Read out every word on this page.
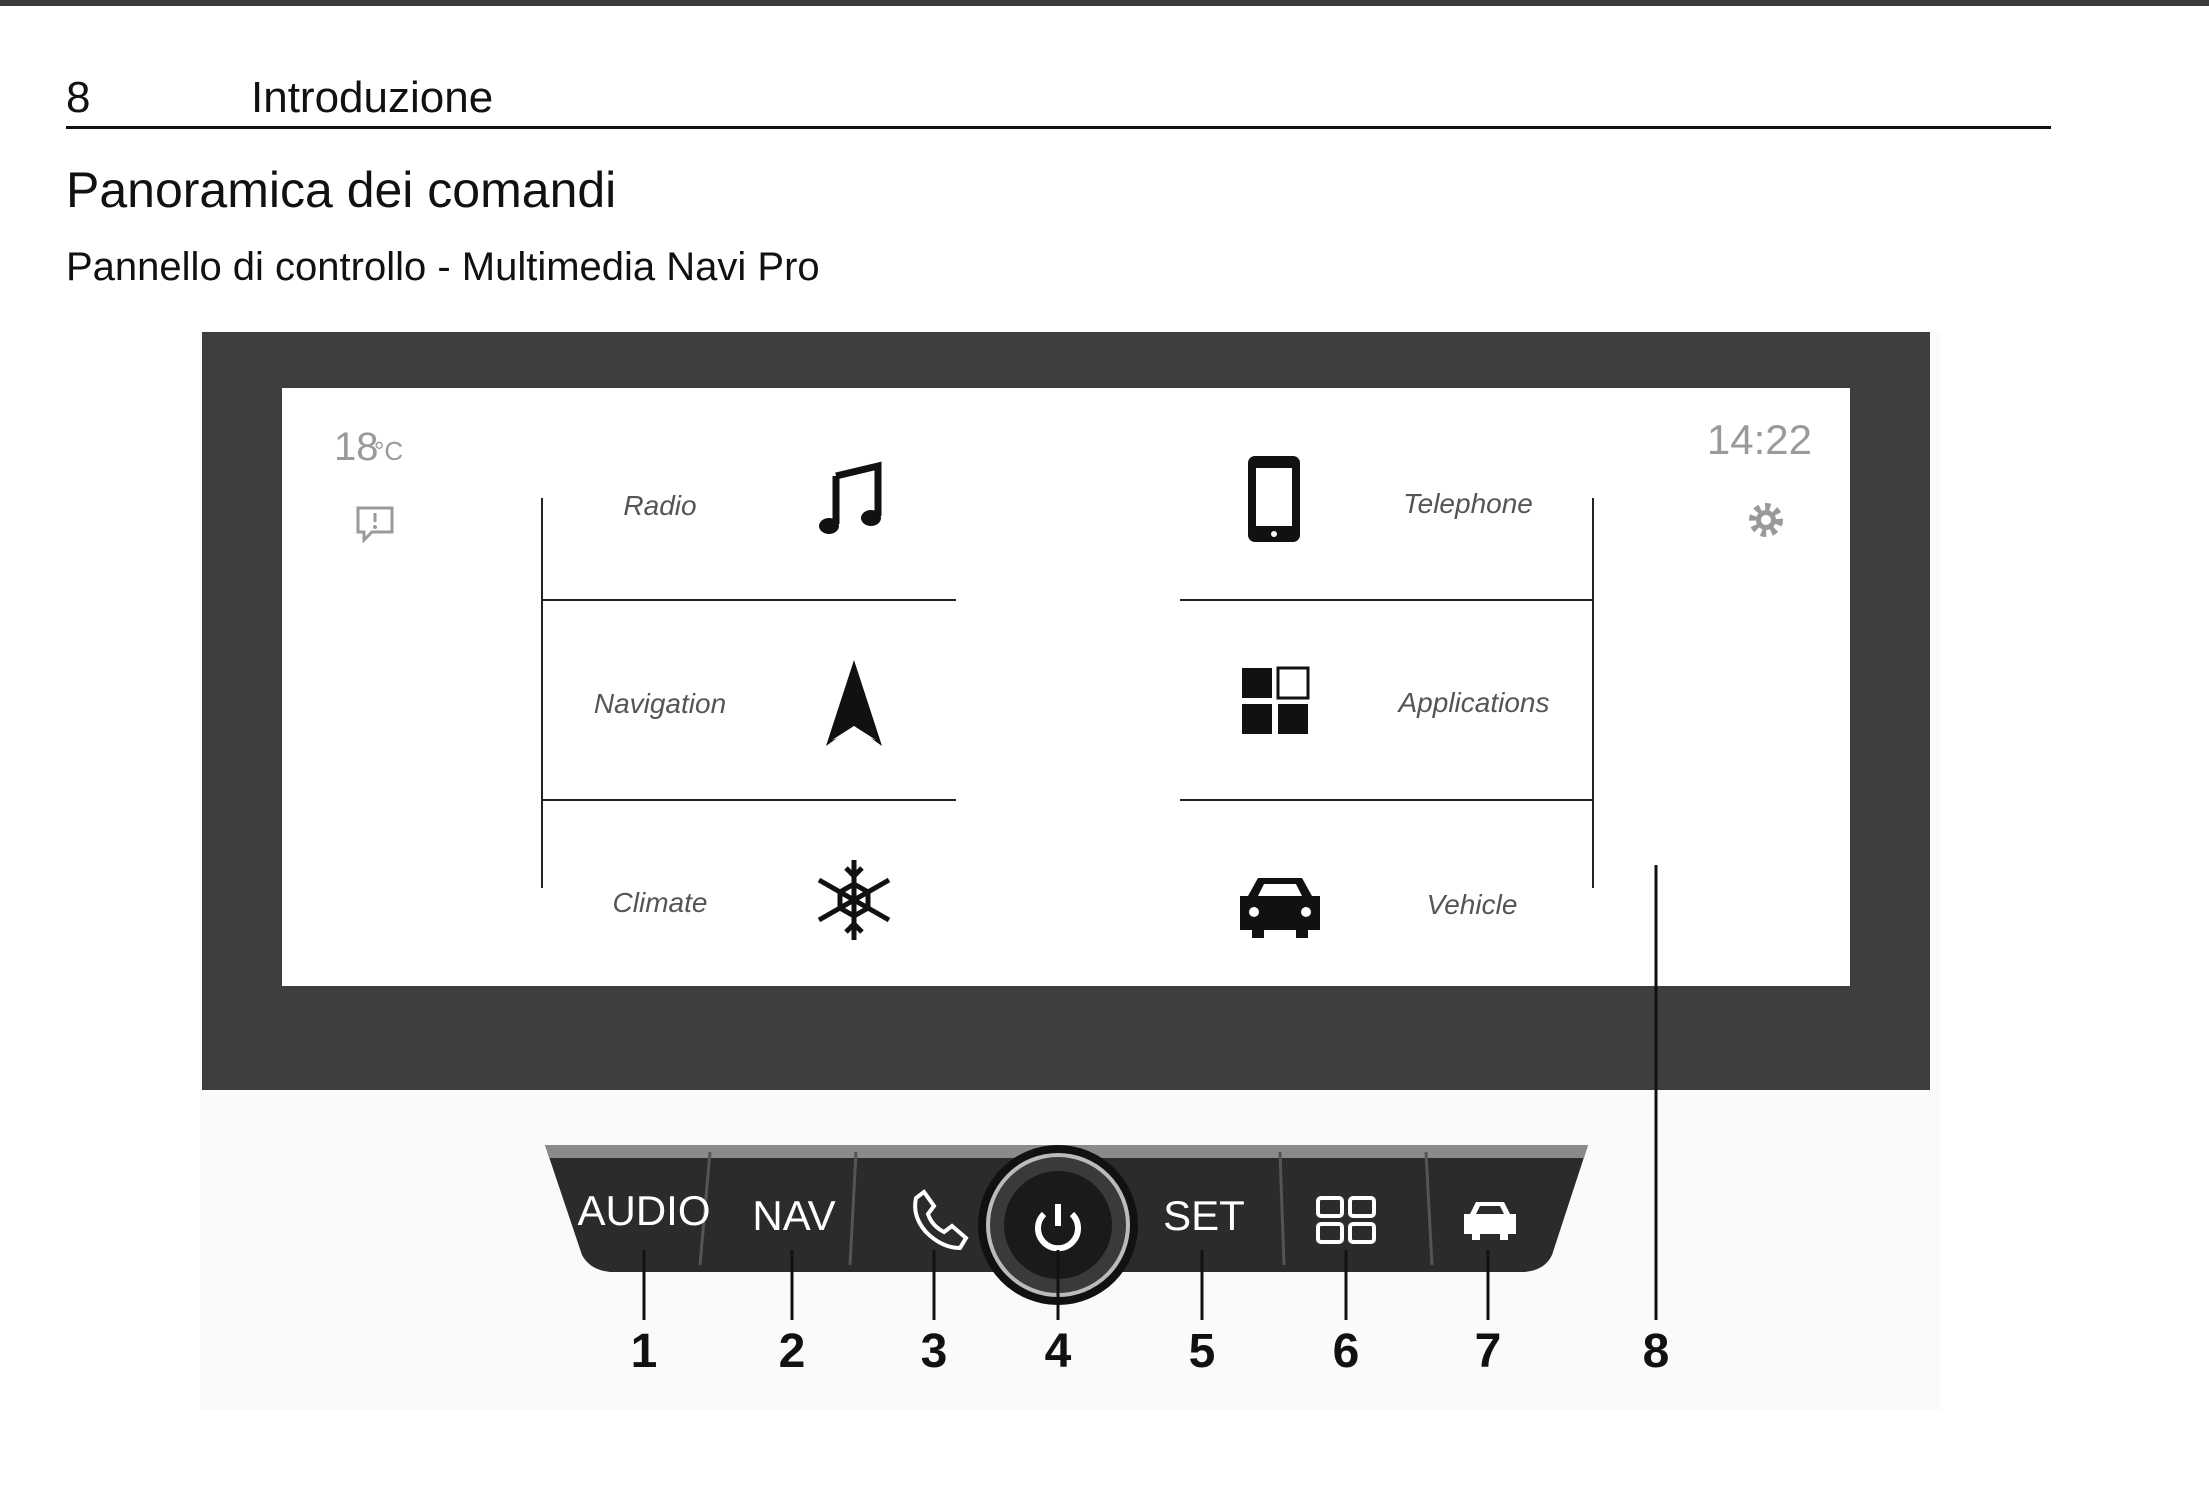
8	Introduzione
Panoramica dei comandi
Pannello di controllo - Multimedia Navi Pro
18
°C	14:22
Radio
Navigation
Climate
Telephone
Applications
Vehicle
AUDIO NAV	SET
1	2 3 4 5 6 7	8
